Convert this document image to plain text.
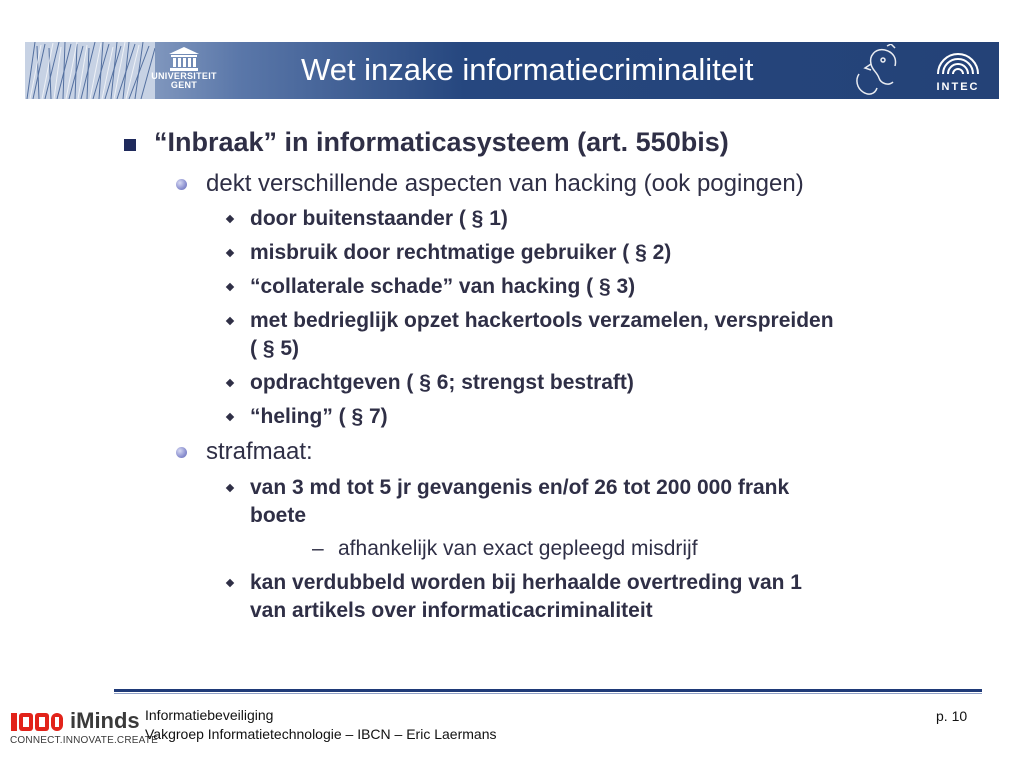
UNIVERSITEIT
GENT	Wet inzake informatiecriminaliteit	INTEC
“Inbraak” in informaticasysteem (art. 550bis)
dekt verschillende aspecten van hacking (ook pogingen)
door buitenstaander ( § 1)
misbruik door rechtmatige gebruiker ( § 2)
“collaterale schade” van hacking ( § 3)
met bedrieglijk opzet hackertools verzamelen, verspreiden
( § 5)
opdrachtgeven ( § 6; strengst bestraft)
“heling” ( § 7)
strafmaat:
van 3 md tot 5 jr gevangenis en/of 26 tot 200 000 frank
boete
– afhankelijk van exact gepleegd misdrijf
kan verdubbeld worden bij herhaalde overtreding van 1
van artikels over informaticacriminaliteit
iMinds
CONNECT.INNOVATE.CREATE
Informatiebeveiliging
Vakgroep Informatietechnologie – IBCN – Eric Laermans
p. 10
